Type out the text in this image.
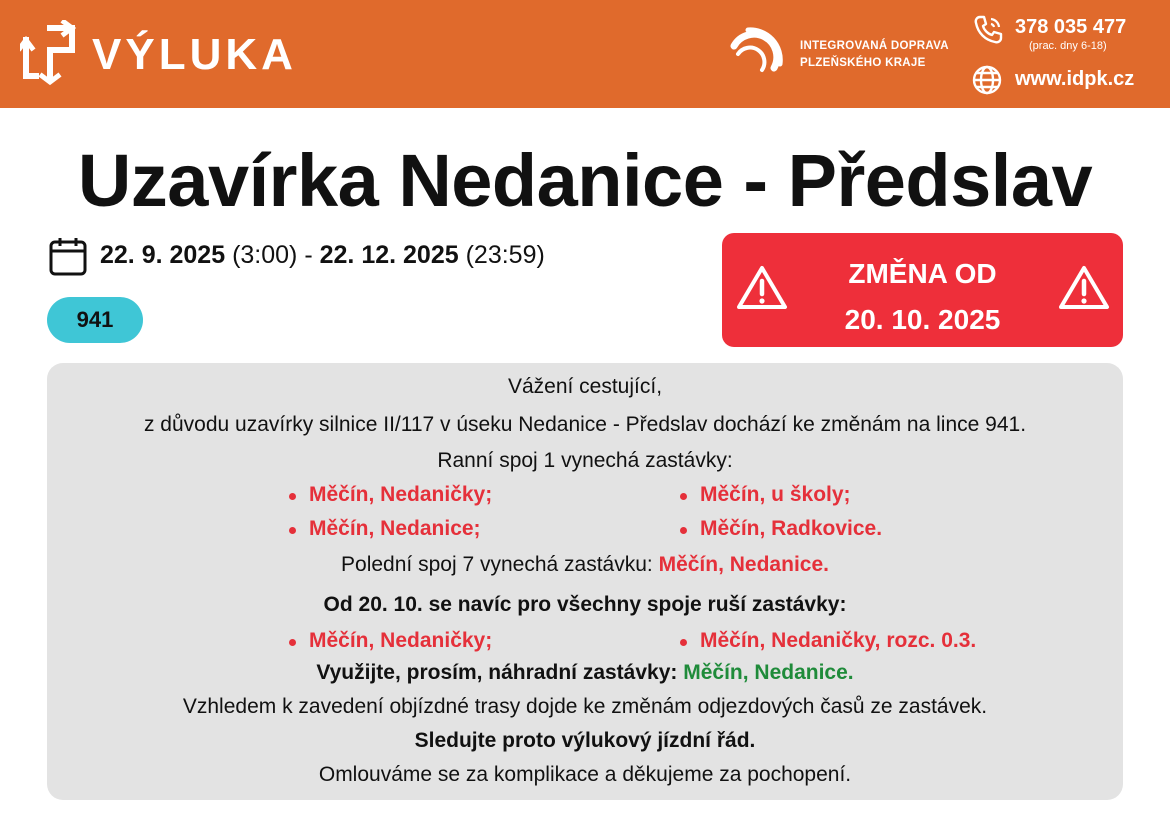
VÝLUKA	INTEGROVANÁ DOPRAVA
PLZEŇSKÉHO KRAJE
378 035 477
(prac. dny 6-18)
www.idpk.cz
Uzavírka Nedanice - Předslav
22. 9. 2025 (3:00) - 22. 12. 2025 (23:59)
941
ZMĚNA OD
20. 10. 2025
Vážení cestující,
z důvodu uzavírky silnice II/117 v úseku Nedanice - Předslav dochází ke změnám na lince 941.
Ranní spoj 1 vynechá zastávky:
Měčín, Nedaničky;	Měčín, u školy;
Měčín, Nedanice;	Měčín, Radkovice.
Polední spoj 7 vynechá zastávku: Měčín, Nedanice.
Od 20. 10. se navíc pro všechny spoje ruší zastávky:
Měčín, Nedaničky;	Měčín, Nedaničky, rozc. 0.3.
Využijte, prosím, náhradní zastávky: Měčín, Nedanice.
Vzhledem k zavedení objízdné trasy dojde ke změnám odjezdových časů ze zastávek.
Sledujte proto výlukový jízdní řád.
Omlouváme se za komplikace a děkujeme za pochopení.
